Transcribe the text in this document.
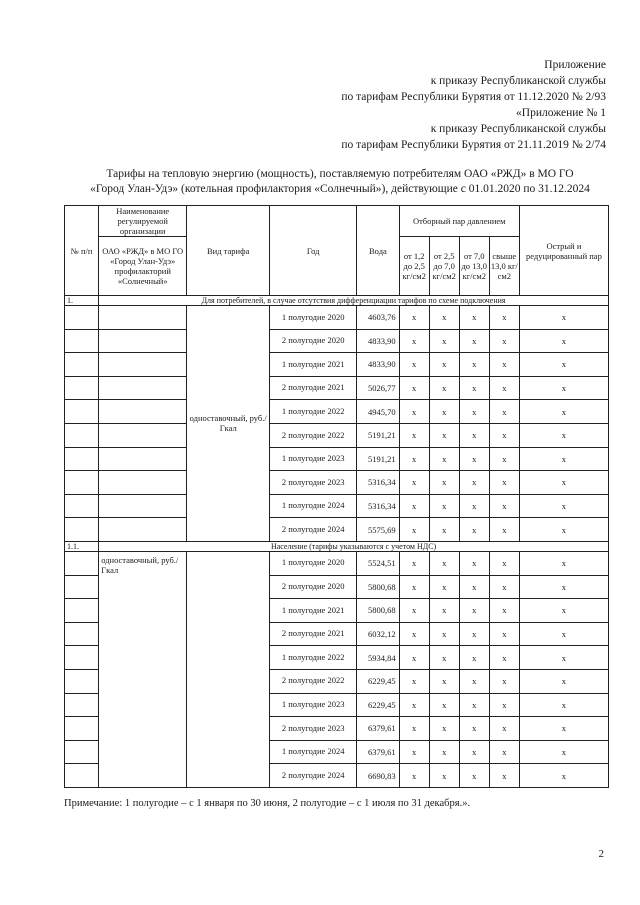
Приложение
к приказу Республиканской службы
по тарифам Республики Бурятия от 11.12.2020 № 2/93
«Приложение № 1
к приказу Республиканской службы
по тарифам Республики Бурятия от 21.11.2019 № 2/74
Тарифы на тепловую энергию (мощность), поставляемую потребителям ОАО «РЖД» в МО ГО
«Город Улан-Удэ» (котельная профилактория «Солнечный»), действующие с 01.01.2020 по 31.12.2024
№ п/п	Наименование регулируемой организации	Вид тарифа	Год	Вода	Отборный пар давлением				Острый и редуцированный пар
	ОАО «РЖД» в МО ГО «Город Улан-Удэ» профилакторий «Солнечный»				от 1,2 до 2,5 кг/см2	от 2,5 до 7,0 кг/см2	от 7,0 до 13,0 кг/см2	свыше 13,0 кг/см2	
1.	Для потребителей, в случае отсутствия дифференциации тарифов по схеме подключения								
		одноставочный, руб./Гкал	1 полугодие 2020	4603,76	х	х	х	х	х
			2 полугодие 2020	4833,90	х	х	х	х	х
			1 полугодие 2021	4833,90	х	х	х	х	х
			2 полугодие 2021	5026,77	х	х	х	х	х
			1 полугодие 2022	4945,70	х	х	х	х	х
			2 полугодие 2022	5191,21	х	х	х	х	х
			1 полугодие 2023	5191,21	х	х	х	х	х
			2 полугодие 2023	5316,34	х	х	х	х	х
			1 полугодие 2024	5316,34	х	х	х	х	х
			2 полугодие 2024	5575,69	х	х	х	х	х
1.1.	Население (тарифы указываются с учетом НДС)								
	одноставочный, руб./Гкал		1 полугодие 2020	5524,51	х	х	х	х	х
			2 полугодие 2020	5800,68	х	х	х	х	х
			1 полугодие 2021	5800,68	х	х	х	х	х
			2 полугодие 2021	6032,12	х	х	х	х	х
			1 полугодие 2022	5934,84	х	х	х	х	х
			2 полугодие 2022	6229,45	х	х	х	х	х
			1 полугодие 2023	6229,45	х	х	х	х	х
			2 полугодие 2023	6379,61	х	х	х	х	х
			1 полугодие 2024	6379,61	х	х	х	х	х
			2 полугодие 2024	6690,83	х	х	х	х	х
Примечание: 1 полугодие – с 1 января по 30 июня, 2 полугодие – с 1 июля по 31 декабря.».
2
